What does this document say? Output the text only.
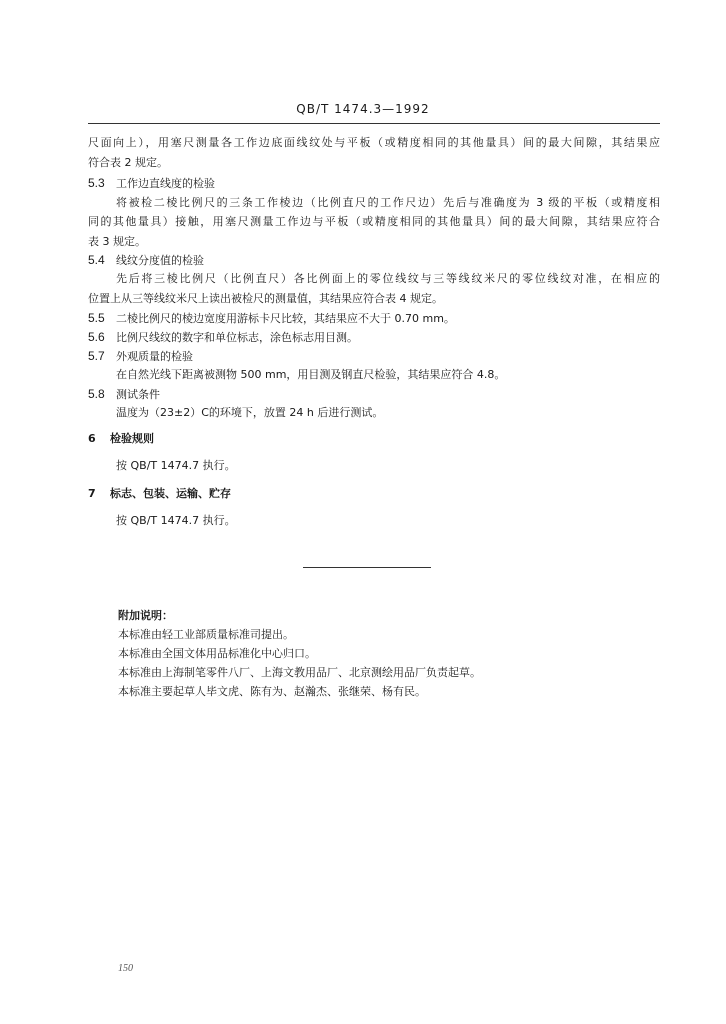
QB/T 1474.3—1992
尺面向上），用塞尺测量各工作边底面线纹处与平板（或精度相同的其他量具）间的最大间隙，其结果应
符合表 2 规定。
5.3 工作边直线度的检验
将被检二棱比例尺的三条工作棱边（比例直尺的工作尺边）先后与准确度为 3 级的平板（或精度相
同的其他量具）接触，用塞尺测量工作边与平板（或精度相同的其他量具）间的最大间隙，其结果应符合
表 3 规定。
5.4 线纹分度值的检验
先后将三棱比例尺（比例直尺）各比例面上的零位线纹与三等线纹米尺的零位线纹对准，在相应的
位置上从三等线纹米尺上读出被检尺的测量值，其结果应符合表 4 规定。
5.5 二棱比例尺的棱边宽度用游标卡尺比较，其结果应不大于 0.70 mm。
5.6 比例尺线纹的数字和单位标志，涂色标志用目测。
5.7 外观质量的检验
在自然光线下距离被测物 500 mm，用目测及钢直尺检验，其结果应符合 4.8。
5.8 测试条件
温度为（23±2）C的环境下，放置 24 h 后进行测试。
6 检验规则
按 QB/T 1474.7 执行。
7 标志、包装、运输、贮存
按 QB/T 1474.7 执行。
附加说明：
本标准由轻工业部质量标准司提出。
本标准由全国文体用品标准化中心归口。
本标准由上海制笔零件八厂、上海文教用品厂、北京测绘用品厂负责起草。
本标准主要起草人毕文虎、陈有为、赵瀚杰、张继荣、杨有民。
150
